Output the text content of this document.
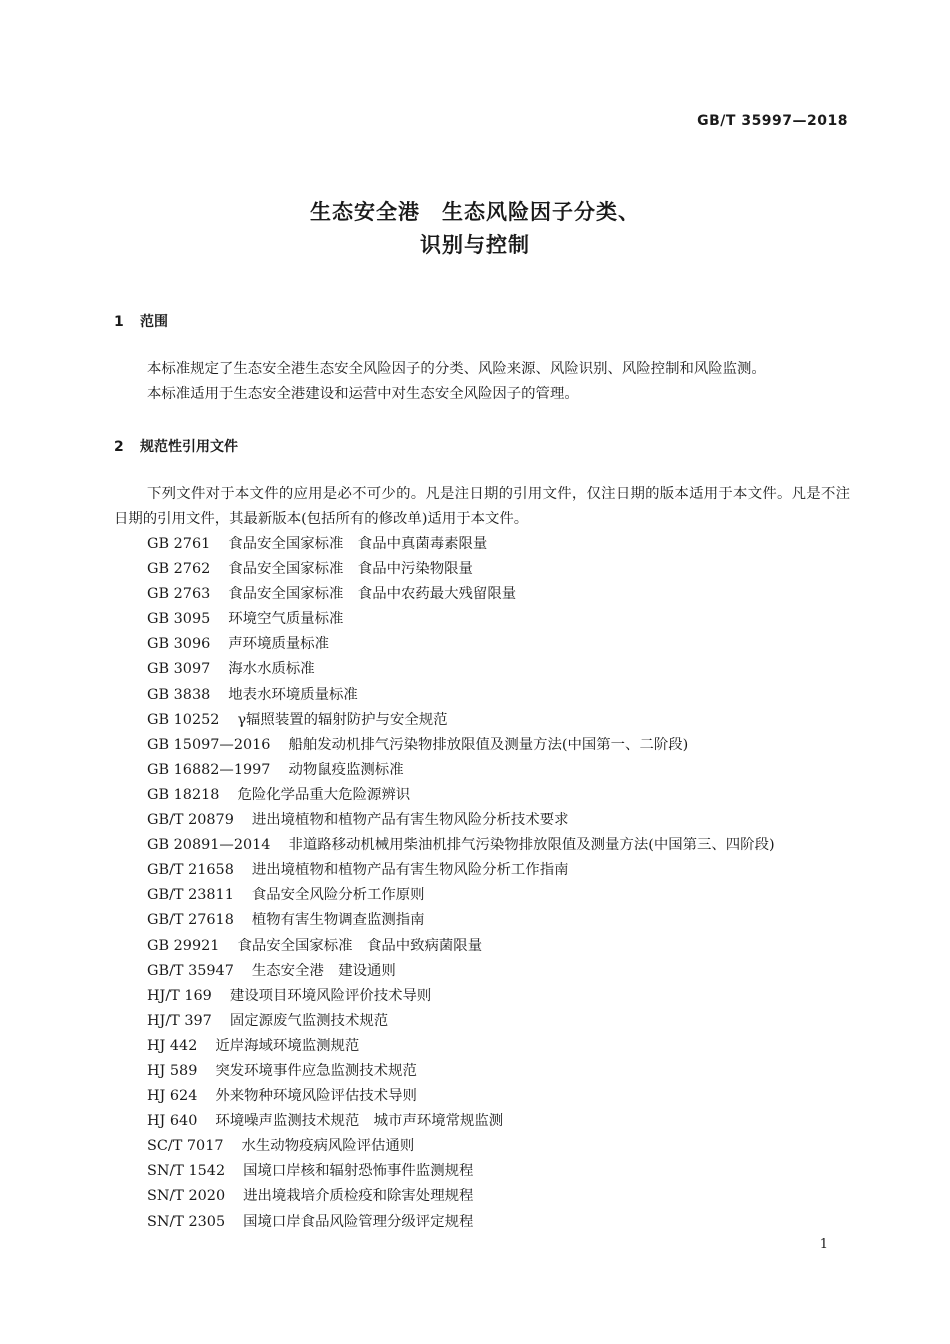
GB/T 35997—2018
生态安全港　生态风险因子分类、
识别与控制
1 范围

本标准规定了生态安全港生态安全风险因子的分类、风险来源、风险识别、风险控制和风险监测。

本标准适用于生态安全港建设和运营中对生态安全风险因子的管理。

2 规范性引用文件

下列文件对于本文件的应用是必不可少的。凡是注日期的引用文件，仅注日期的版本适用于本文件。凡是不注日期的引用文件，其最新版本(包括所有的修改单)适用于本文件。

GB 2761 食品安全国家标准　食品中真菌毒素限量
GB 2762 食品安全国家标准　食品中污染物限量
GB 2763 食品安全国家标准　食品中农药最大残留限量
GB 3095 环境空气质量标准
GB 3096 声环境质量标准
GB 3097 海水水质标准
GB 3838 地表水环境质量标准
GB 10252 γ辐照装置的辐射防护与安全规范
GB 15097—2016 船舶发动机排气污染物排放限值及测量方法(中国第一、二阶段)
GB 16882—1997 动物鼠疫监测标准
GB 18218 危险化学品重大危险源辨识
GB/T 20879 进出境植物和植物产品有害生物风险分析技术要求
GB 20891—2014 非道路移动机械用柴油机排气污染物排放限值及测量方法(中国第三、四阶段)
GB/T 21658 进出境植物和植物产品有害生物风险分析工作指南
GB/T 23811 食品安全风险分析工作原则
GB/T 27618 植物有害生物调查监测指南
GB 29921 食品安全国家标准　食品中致病菌限量
GB/T 35947 生态安全港　建设通则
HJ/T 169 建设项目环境风险评价技术导则
HJ/T 397 固定源废气监测技术规范
HJ 442 近岸海域环境监测规范
HJ 589 突发环境事件应急监测技术规范
HJ 624 外来物种环境风险评估技术导则
HJ 640 环境噪声监测技术规范　城市声环境常规监测
SC/T 7017 水生动物疫病风险评估通则
SN/T 1542 国境口岸核和辐射恐怖事件监测规程
SN/T 2020 进出境栽培介质检疫和除害处理规程
SN/T 2305 国境口岸食品风险管理分级评定规程
1
